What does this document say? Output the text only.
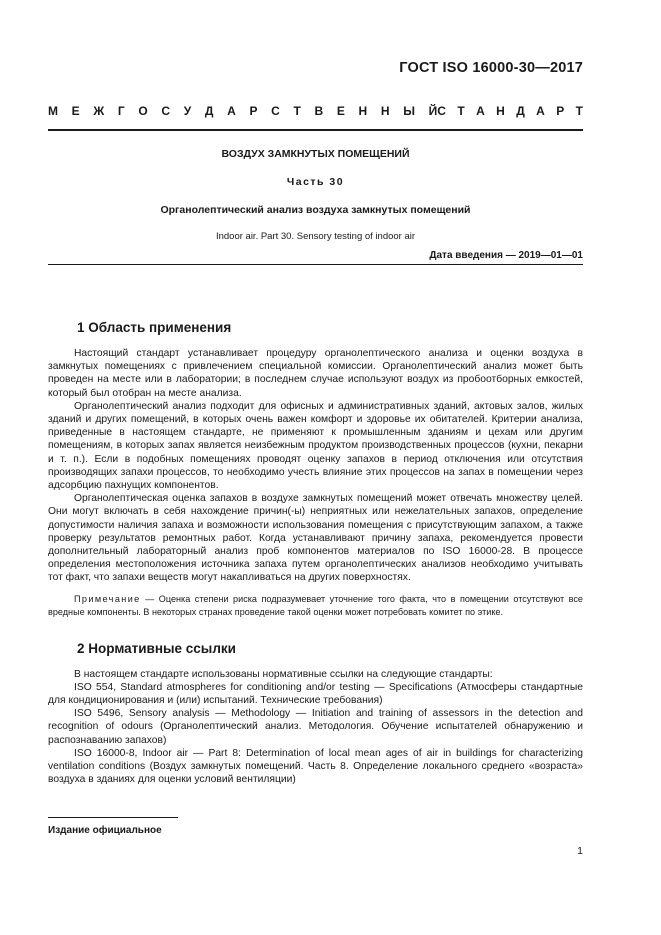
ГОСТ ISO 16000-30—2017
М Е Ж Г О С У Д А Р С Т В Е Н Н Ы Й С Т А Н Д А Р Т
ВОЗДУХ ЗАМКНУТЫХ ПОМЕЩЕНИЙ
Часть 30
Органолептический анализ воздуха замкнутых помещений
Indoor air. Part 30. Sensory testing of indoor air
Дата введения — 2019—01—01
1 Область применения

Настоящий стандарт устанавливает процедуру органолептического анализа и оценки воздуха в замкнутых помещениях с привлечением специальной комиссии. Органолептический анализ может быть проведен на месте или в лаборатории; в последнем случае используют воздух из пробоотборных емкостей, который был отобран на месте анализа.

Органолептический анализ подходит для офисных и административных зданий, актовых залов, жилых зданий и других помещений, в которых очень важен комфорт и здоровье их обитателей. Критерии анализа, приведенные в настоящем стандарте, не применяют к промышленным зданиям и цехам или другим помещениям, в которых запах является неизбежным продуктом производственных процессов (кухни, пекарни и т. п.). Если в подобных помещениях проводят оценку запахов в период отключения или отсутствия производящих запахи процессов, то необходимо учесть влияние этих процессов на запах в помещении через адсорбцию пахнущих компонентов.

Органолептическая оценка запахов в воздухе замкнутых помещений может отвечать множеству целей. Они могут включать в себя нахождение причин(-ы) неприятных или нежелательных запахов, определение допустимости наличия запаха и возможности использования помещения с присутствующим запахом, а также проверку результатов ремонтных работ. Когда устанавливают причину запаха, рекомендуется провести дополнительный лабораторный анализ проб компонентов материалов по ISO 16000-28. В процессе определения местоположения источника запаха путем органолептических анализов необходимо учитывать тот факт, что запахи веществ могут накапливаться на других поверхностях.

Примечание — Оценка степени риска подразумевает уточнение того факта, что в помещении отсутствуют все вредные компоненты. В некоторых странах проведение такой оценки может потребовать комитет по этике.

2 Нормативные ссылки

В настоящем стандарте использованы нормативные ссылки на следующие стандарты:

ISO 554, Standard atmospheres for conditioning and/or testing — Specifications (Атмосферы стандартные для кондиционирования и (или) испытаний. Технические требования)

ISO 5496, Sensory analysis — Methodology — Initiation and training of assessors in the detection and recognition of odours (Органолептический анализ. Методология. Обучение испытателей обнаружению и распознаванию запахов)

ISO 16000-8, Indoor air — Part 8: Determination of local mean ages of air in buildings for characterizing ventilation conditions (Воздух замкнутых помещений. Часть 8. Определение локального среднего «возраста» воздуха в зданиях для оценки условий вентиляции)

Издание официальное
1
